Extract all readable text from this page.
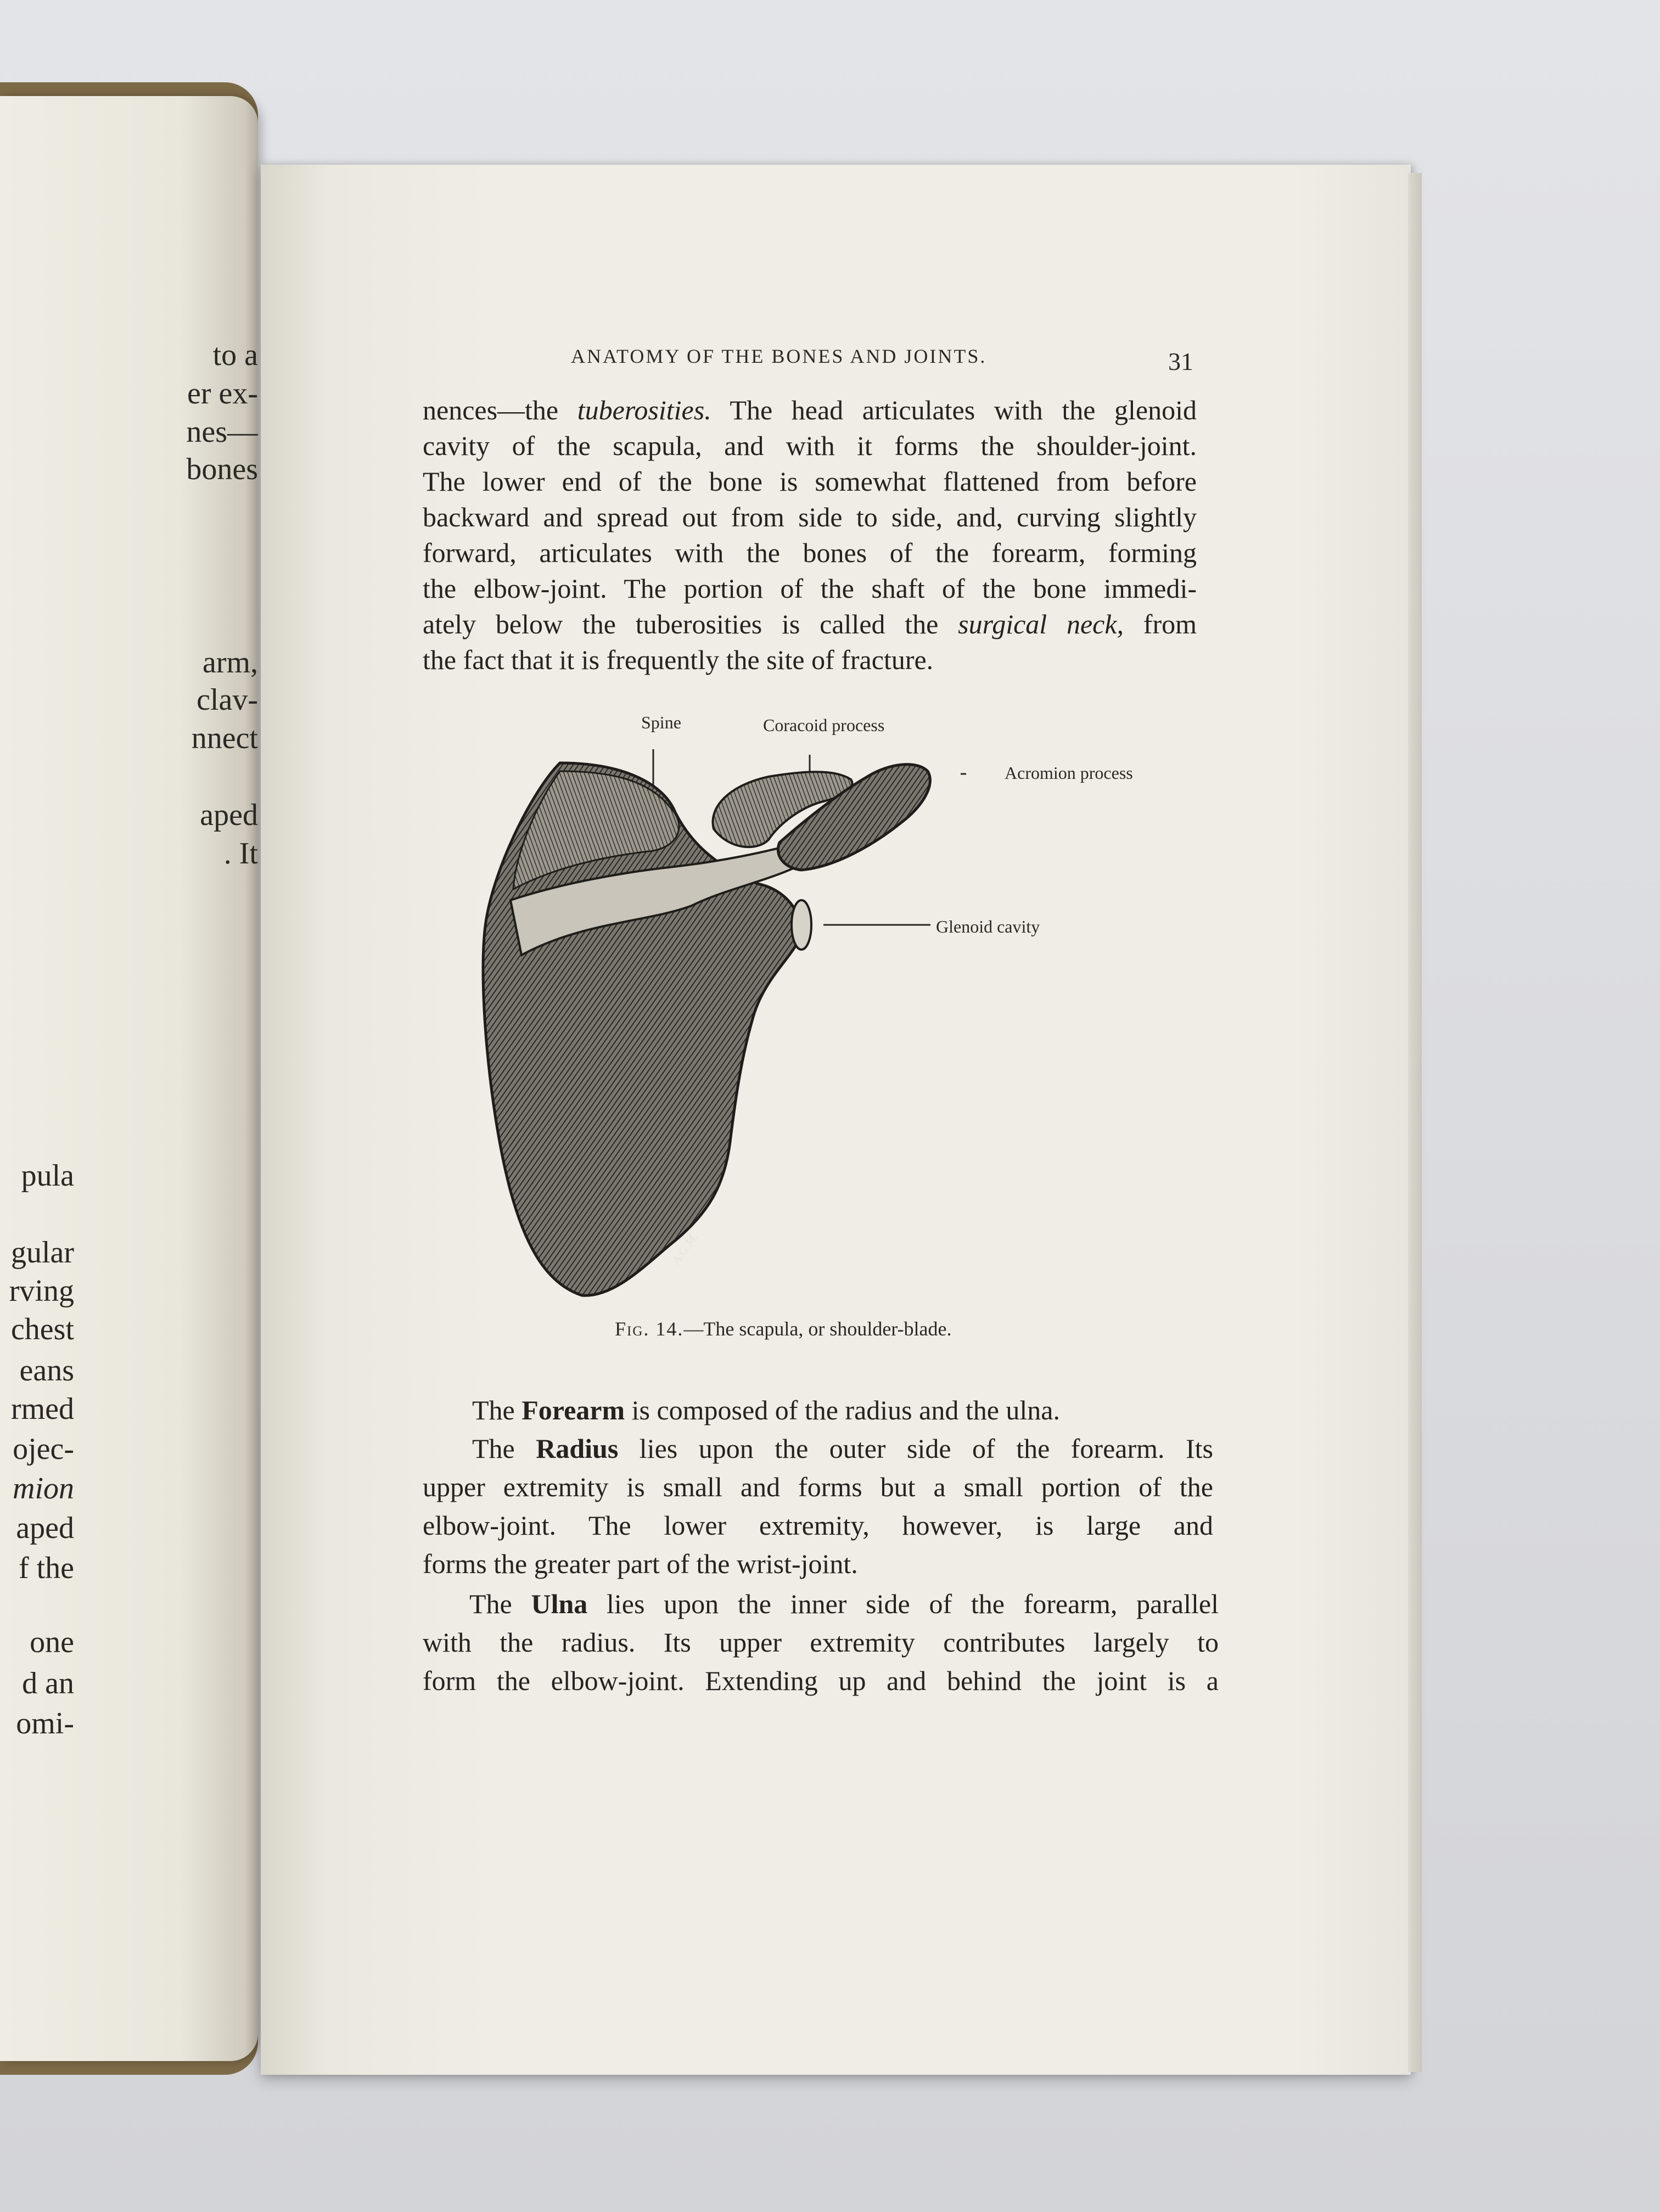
to a
er ex-
nes—
bones
arm,
clav-
nnect
aped
. It
pula
gular
rving
chest
eans
rmed
ojec-
mion
aped
f the
one
d an
omi-
ANATOMY OF THE BONES AND JOINTS.	31
nences—the tuberosities. The head articulates with the glenoid
cavity of the scapula, and with it forms the shoulder-joint.
The lower end of the bone is somewhat flattened from before
backward and spread out from side to side, and, curving slightly
forward, articulates with the bones of the forearm, forming
the elbow-joint. The portion of the shaft of the bone immedi-
ately below the tuberosities is called the surgical neck, from
the fact that it is frequently the site of fracture.
Spine	Coracoid process
Acromion process
Glenoid cavity
A.G.M.
Fig. 14.—The scapula, or shoulder-blade.
The Forearm is composed of the radius and the ulna.
The Radius lies upon the outer side of the forearm. Its
upper extremity is small and forms but a small portion of the
elbow-joint. The lower extremity, however, is large and
forms the greater part of the wrist-joint.
The Ulna lies upon the inner side of the forearm, parallel
with the radius. Its upper extremity contributes largely to
form the elbow-joint. Extending up and behind the joint is a
